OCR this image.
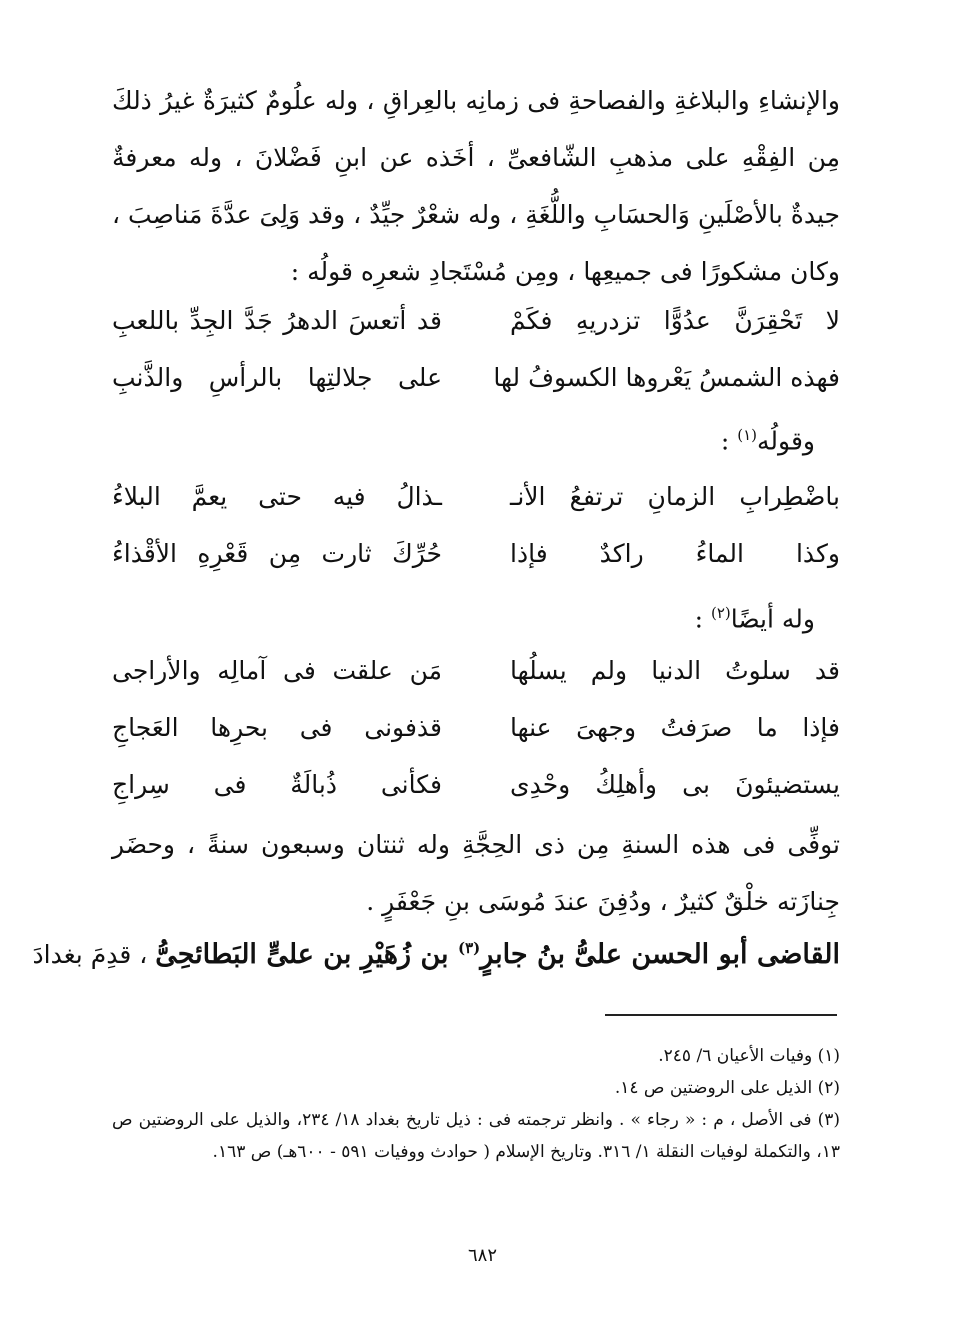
والإنشاءِ والبلاغةِ والفصاحةِ فى زمانِه بالعِراقِ ، وله علُومٌ كثيرَةٌ غيرُ ذلكَ مِن الفِقْهِ على مذهبِ الشّافعىِّ ، أخَذه عن ابنِ فَضْلانَ ، وله معرفةٌ جيدةٌ بالأصْلَينِ وَالحسَابِ واللُّغَةِ ، وله شعْرٌ جيِّدٌ ، وقد وَلِىَ عدَّةَ مَناصِبَ ، وكان مشكورًا فى جميعِها ، ومِن مُسْتَجادِ شعرِه قولُه :

لا تَحْقِرَنَّ عدُوًّا تزدريهِ فكَمْ
قد أتعسَ الدهرُ جَدَّ الجِدِّ باللعبِ
فهذه الشمسُ يَعْروها الكسوفُ لها
على جلالتِها بالرأسِ والذَّنبِ
وقولُه$^{(١)}$ :
باضْطِرابِ الزمانِ ترتفعُ الأنـ
ـذالُ فيه حتى يعمَّ البلاءُ
وكذا الماءُ راكدٌ فإذا
حُرِّكَ ثارت مِن قَعْرِهِ الأقْذاءُ
وله أيضًا$^{(٢)}$ :
قد سلوتُ الدنيا ولم يسلُها
مَن علقت فى آمالِه والأراجى
فإذا ما صرَفتُ وجهىَ عنها
قذفونى فى بحرِها العَجاجِ
يستضيئونَ بى وأهلِكُ وحْدِى
فكأنى ذُبالَةٌ فى سِراجِ

توفِّى فى هذه السنةِ مِن ذى الحِجَّةِ وله ثنتان وسبعون سنةً ، وحضَر جِنازَته خلْقٌ كثيرٌ ، ودُفِنَ عندَ مُوسَى بنِ جَعْفَرٍ .

القاضى أبو الحسن علىُّ بنُ جابرٍ$^{(٣)}$ بن زُهَيْرِ بن علىٍّ البَطائحِىُّ ، قدِمَ بغدادَ

(١) وفيات الأعيان ٦/ ٢٤٥.

(٢) الذيل على الروضتين ص ١٤.

(٣) فى الأصل ، م : « رجاء » . وانظر ترجمته فى : ذيل تاريخ بغداد ١٨/ ٢٣٤، والذيل على الروضتين ص ١٣، والتكملة لوفيات النقلة ١/ ٣١٦. وتاريخ الإسلام ( حوادث ووفيات ٥٩١ - ٦٠٠هـ) ص ١٦٣.

٦٨٢
